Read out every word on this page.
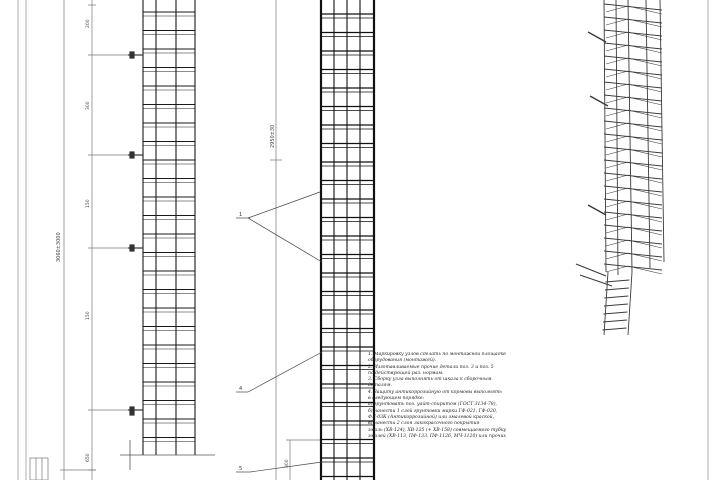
3060±3000
200
300
150
150
650
2950±30
300
1
4
5
1. Маркировку узлов сделать по монтажной площадке
оборудования (монтажей).
2. Изготавливаемые прочие детали поз. 3 и поз. 5
по действующей раз. нормам.
3. Сборку узла выполнять от шкала к сборочным
деталям.
4. Защиту антикоррозийную от кормовы выполнять
в следующем порядке:
а) грунтовать поз. уайт-спиритом (ГОСТ 3134-78),
б) нанести 1 слой грунтовки марки ГФ-021, ГФ-020,
ФЛ-03К (Антикоррозийной) или эмалевой краской,
в) нанести 2 слоя лакокрасочного покрытия
эмаль (ХВ-124), ХВ-125 (+ ХВ-158) совмещаемого тубку
эмалей (ХВ-113, ПФ-133, ПФ-1126, МЧ-1120) или прочих
